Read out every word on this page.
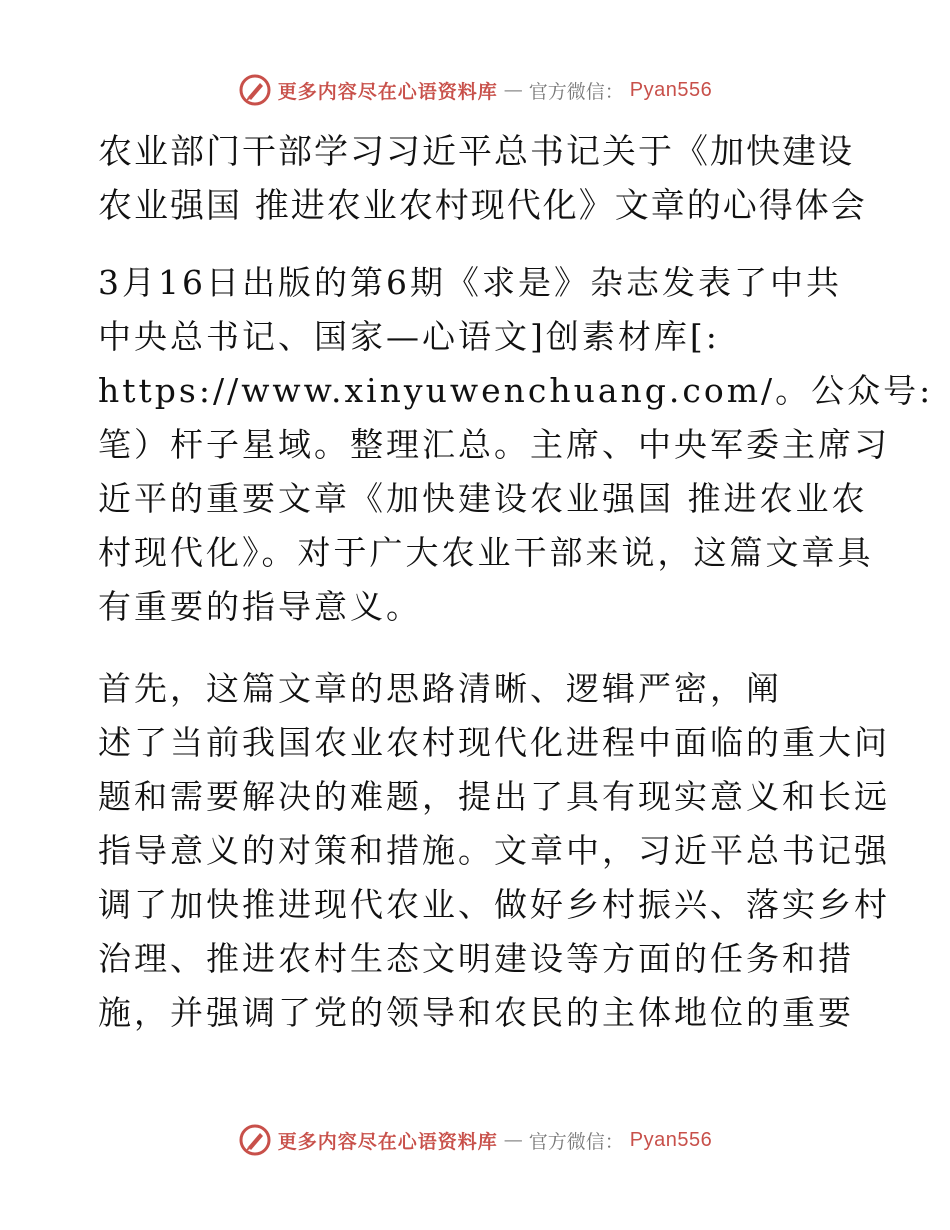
更多内容尽在心语资料库 — 官方微信： Pyan556
农业部门干部学习习近平总书记关于《加快建设
农业强国 推进农业农村现代化》文章的心得体会

3月16日出版的第6期《求是》杂志发表了中共
中央总书记、国家—心语文]创素材库[:
https://www.xinyuwenchuang.com/。公众号:
笔）杆子星域。整理汇总。主席、中央军委主席习
近平的重要文章《加快建设农业强国 推进农业农
村现代化》。对于广大农业干部来说，这篇文章具
有重要的指导意义。

首先，这篇文章的思路清晰、逻辑严密，阐
述了当前我国农业农村现代化进程中面临的重大问
题和需要解决的难题，提出了具有现实意义和长远
指导意义的对策和措施。文章中，习近平总书记强
调了加快推进现代农业、做好乡村振兴、落实乡村
治理、推进农村生态文明建设等方面的任务和措
施，并强调了党的领导和农民的主体地位的重要

更多内容尽在心语资料库 — 官方微信： Pyan556
